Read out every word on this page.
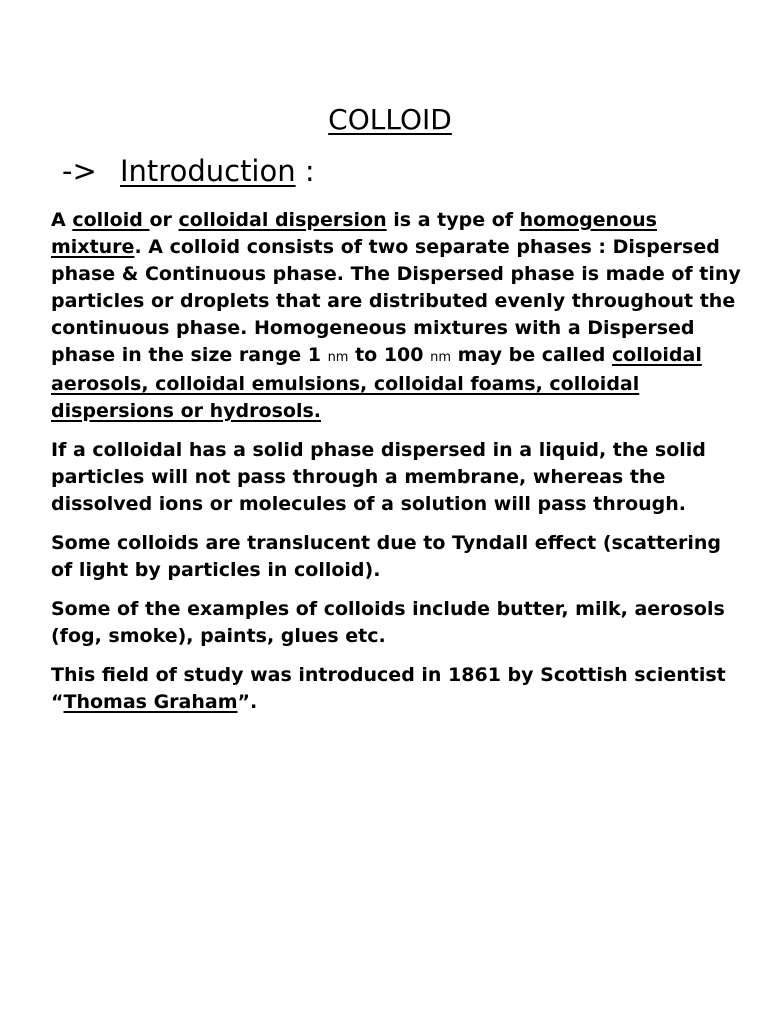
COLLOID
-> Introduction :

A colloid or colloidal dispersion is a type of homogenous mixture. A colloid consists of two separate phases : Dispersed phase & Continuous phase. The Dispersed phase is made of tiny particles or droplets that are distributed evenly throughout the continuous phase. Homogeneous mixtures with a Dispersed phase in the size range 1 nm to 100 nm may be called colloidal aerosols, colloidal emulsions, colloidal foams, colloidal dispersions or hydrosols.

If a colloidal has a solid phase dispersed in a liquid, the solid particles will not pass through a membrane, whereas the dissolved ions or molecules of a solution will pass through.

Some colloids are translucent due to Tyndall effect (scattering of light by particles in colloid).

Some of the examples of colloids include butter, milk, aerosols (fog, smoke), paints, glues etc.

This field of study was introduced in 1861 by Scottish scientist    “Thomas Graham”.
